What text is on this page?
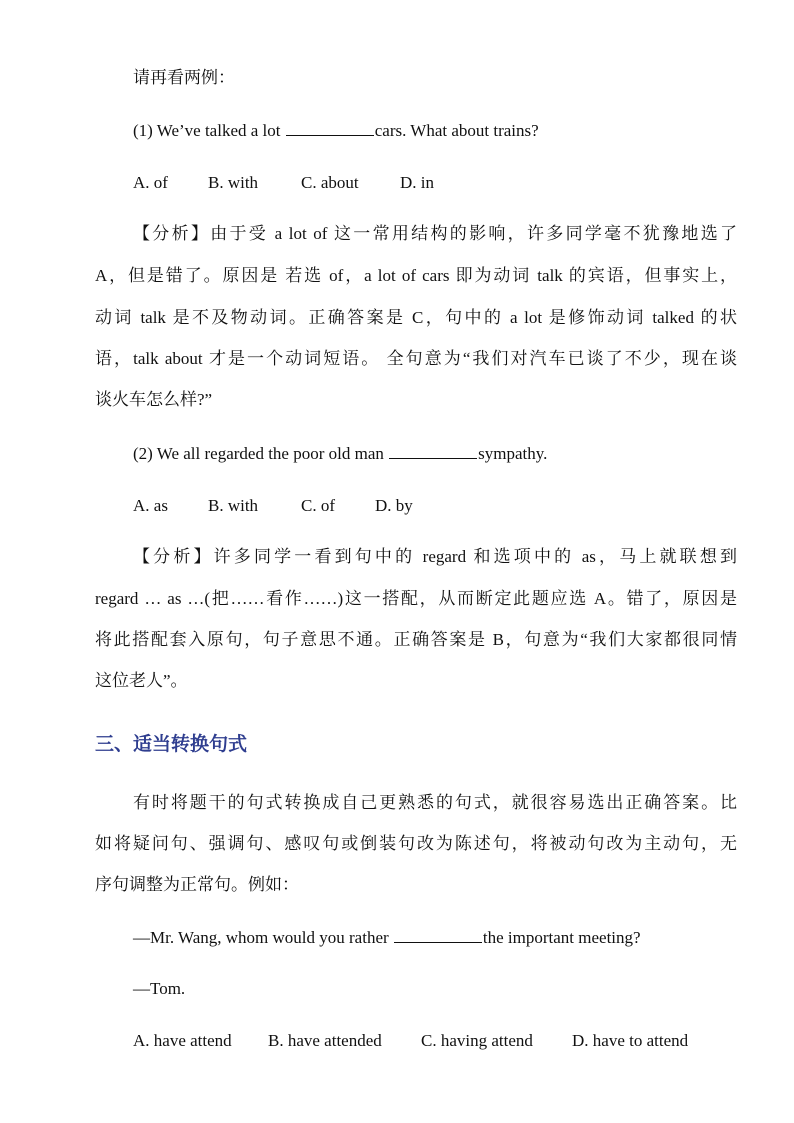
请再看两例：
(1) We’ve talked a lot	cars. What about trains?
A. of B. with	C. about D. in
【分析】由于受 a lot of 这一常用结构的影响，许多同学毫不犹豫地选了
A，但是错了。原因是 若选 of，a lot of cars 即为动词 talk 的宾语，但事实上，
动词 talk 是不及物动词。正确答案是 C，句中的 a lot 是修饰动词 talked 的状
语，talk about 才是一个动词短语。 全句意为“我们对汽车已谈了不少，现在谈
谈火车怎么样?”
(2) We all regarded the poor old man	sympathy.
A. as B. with	C. of D. by
【分析】许多同学一看到句中的 regard 和选项中的 as，马上就联想到
regard … as …(把……看作……)这一搭配，从而断定此题应选 A。错了，原因是
将此搭配套入原句，句子意思不通。正确答案是 B，句意为“我们大家都很同情
这位老人”。
三、适当转换句式
有时将题干的句式转换成自己更熟悉的句式，就很容易选出正确答案。比
如将疑问句、强调句、感叹句或倒装句改为陈述句，将被动句改为主动句，无
序句调整为正常句。例如：
—Mr. Wang, whom would you rather	the important meeting?
—Tom.
A. have attend B. have attended C. having attend D. have to attend
